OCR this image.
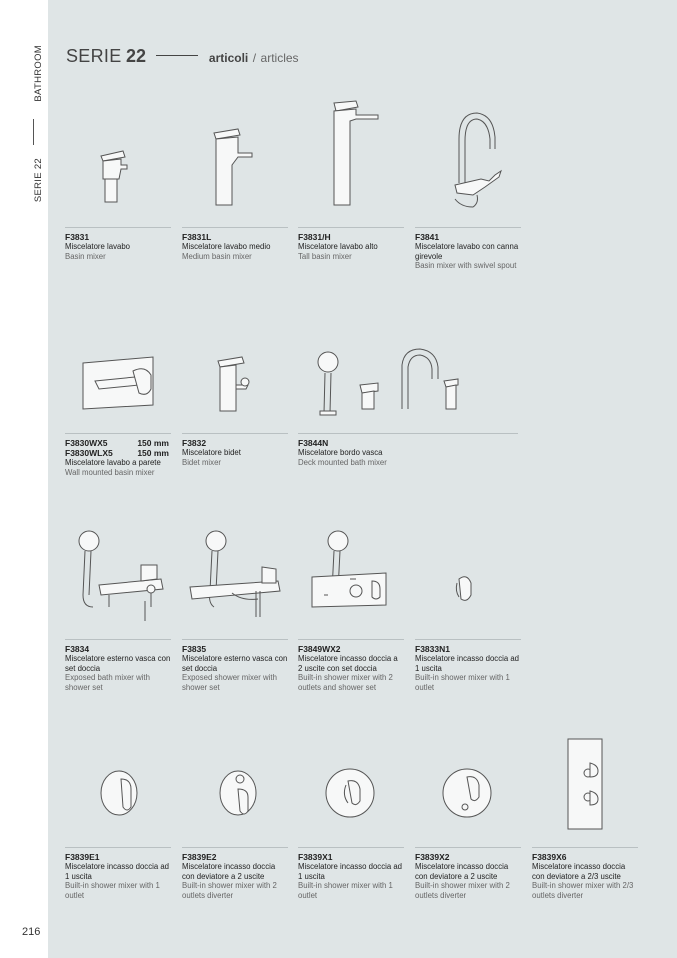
BATHROOM
SERIE 22
216
SERIE 22	articoli / articles
F3831
Miscelatore lavabo
Basin mixer
F3831L
Miscelatore lavabo medio
Medium basin mixer
F3831/H
Miscelatore lavabo alto
Tall basin mixer
F3841
Miscelatore lavabo con canna girevole
Basin mixer with swivel spout
F3830WX5	150 mm
F3830WLX5	150 mm
Miscelatore lavabo a parete
Wall mounted basin mixer
F3832
Miscelatore bidet
Bidet mixer
F3844N
Miscelatore bordo vasca
Deck mounted bath mixer
F3834
Miscelatore esterno vasca con set doccia
Exposed bath mixer with shower set
F3835
Miscelatore esterno vasca con set doccia
Exposed shower mixer with shower set
F3849WX2
Miscelatore incasso doccia a 2 uscite con set doccia
Built-in shower mixer with 2 outlets and shower set
F3833N1
Miscelatore incasso doccia ad 1 uscita
Built-in shower mixer with 1 outlet
F3839E1
Miscelatore incasso doccia ad 1 uscita
Built-in shower mixer with 1 outlet
F3839E2
Miscelatore incasso doccia con deviatore a 2 uscite
Built-in shower mixer with 2 outlets diverter
F3839X1
Miscelatore incasso doccia ad 1 uscita
Built-in shower mixer with 1 outlet
F3839X2
Miscelatore incasso doccia con deviatore a 2 uscite
Built-in shower mixer with 2 outlets diverter
F3839X6
Miscelatore incasso doccia con deviatore a 2/3 uscite
Built-in shower mixer with 2/3 outlets diverter
